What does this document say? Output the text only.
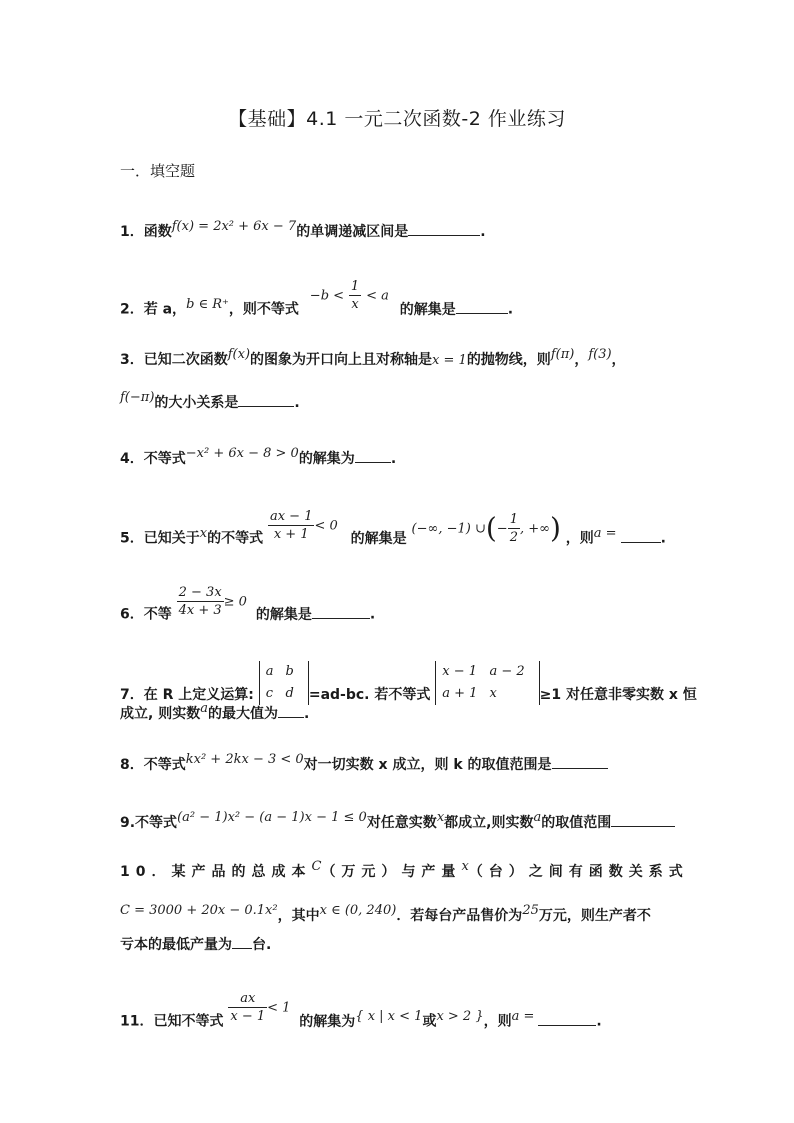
【基础】4.1 一元二次函数-2 作业练习
一．填空题
1．函数f(x) = 2x² + 6x − 7的单调递减区间是	.
2．若 a，b ∈ R⁺，则不等式 $-b < \frac{1}{x} < a$ 的解集是	.
3．已知二次函数f(x)的图象为开口向上且对称轴是x = 1的抛物线，则f(π)，f(3)，
f(−π)的大小关系是	.
4．不等式−x² + 6x − 8 > 0的解集为	.
5．已知关于x的不等式 $\frac{ax - 1}{x + 1} < 0$ 的解集是 (−∞, −1) ∪(− $\frac{1}{2}$ , +∞) ，则a =	.
6．不等 $\frac{2 - 3x}{4x + 3} \ge 0$ 的解集是	.
7．在 R 上定义运算:
a	b
c	d =ad-bc. 若不等式
x − 1	a − 2
a + 1	x	≥1 对任意非零实数 x 恒
成立, 则实数a的最大值为 .
8．不等式kx² + 2kx − 3 < 0对一切实数 x 成立，则 k 的取值范围是
9.不等式(a² − 1)x² − (a − 1)x − 1 ≤ 0对任意实数x都成立,则实数a的取值范围
10．某产品的总成本C（万元）与产量x（台）之间有函数关系式
C = 3000 + 20x − 0.1x²，其中x ∈ (0, 240)．若每台产品售价为25万元，则生产者不
亏本的最低产量为 台.
11．已知不等式 $\frac{ax}{x - 1} < 1$ 的解集为{ x | x < 1或x > 2 }，则a =	.
